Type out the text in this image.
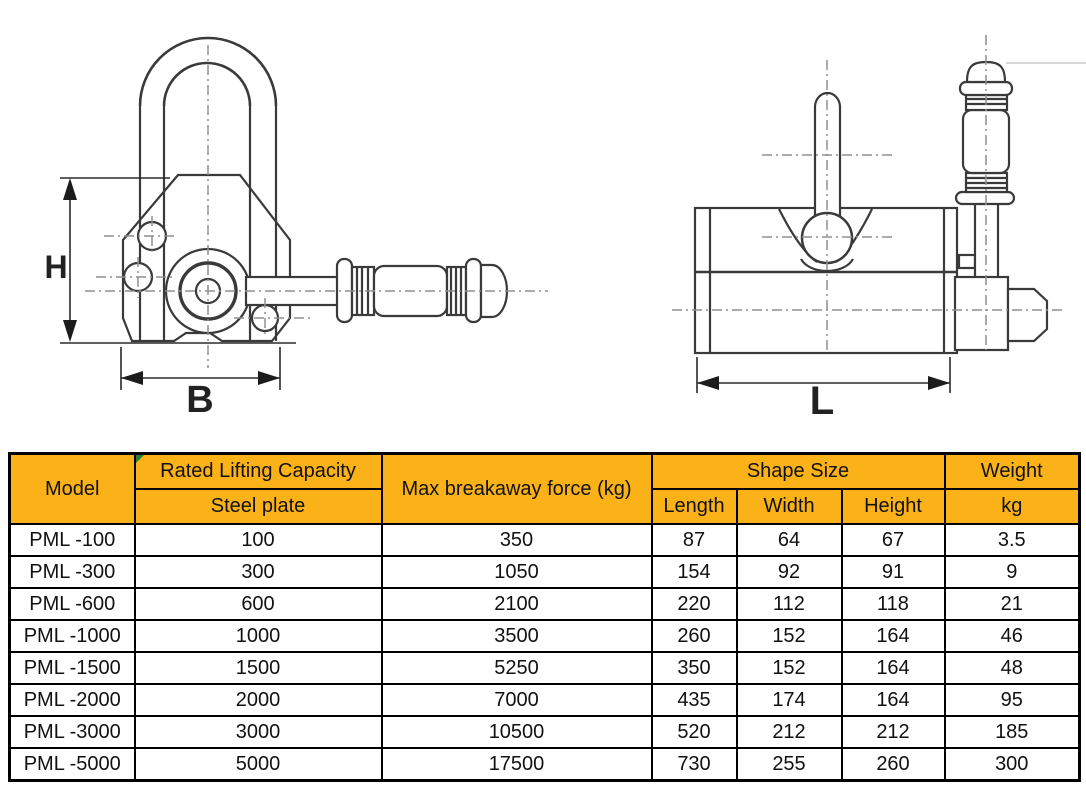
H
B	L
Model	Rated Lifting Capacity	Max breakaway force (kg)	Shape Size			Weight
	Steel plate		Length	Width	Height	kg
PML -100	100	350	87	64	67	3.5
PML -300	300	1050	154	92	91	9
PML -600	600	2100	220	112	118	21
PML -1000	1000	3500	260	152	164	46
PML -1500	1500	5250	350	152	164	48
PML -2000	2000	7000	435	174	164	95
PML -3000	3000	10500	520	212	212	185
PML -5000	5000	17500	730	255	260	300
